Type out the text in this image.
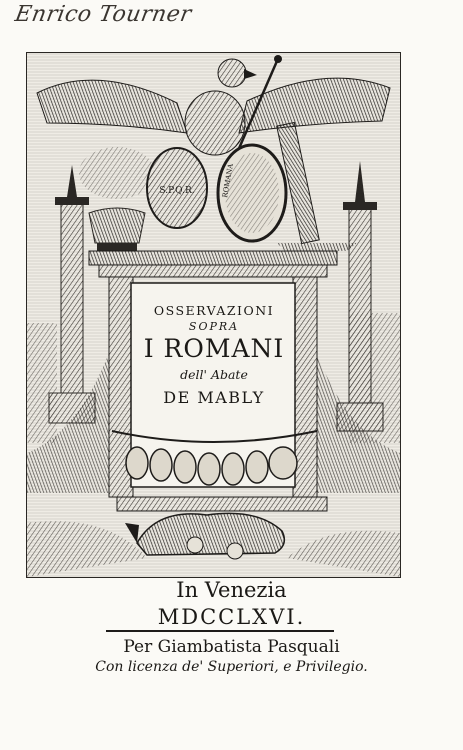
Enrico Tourner
S.P.Q.R.	ROMANA
OSSERVAZIONI
SOPRA
I ROMANI
dell' Abate
DE MABLY
In Venezia
MDCCLXVI.
Per Giambatista Pasquali
Con licenza de' Superiori, e Privilegio.
